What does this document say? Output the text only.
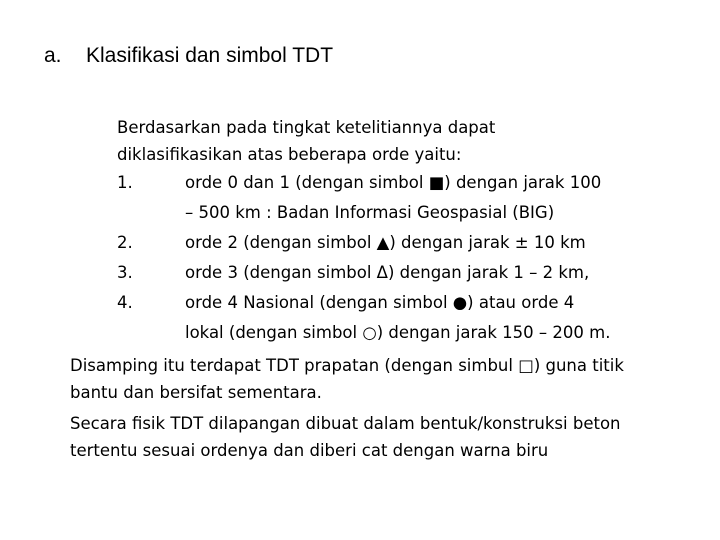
a. Klasifikasi dan simbol TDT
Berdasarkan pada tingkat ketelitiannya dapat
diklasifikasikan atas beberapa orde yaitu:
1.	orde 0 dan 1 (dengan simbol ■) dengan jarak 100
– 500 km : Badan Informasi Geospasial (BIG)
2.	orde 2 (dengan simbol ▲) dengan jarak ± 10 km
3.	orde 3 (dengan simbol Δ) dengan jarak 1 – 2 km,
4.	orde 4 Nasional (dengan simbol ●) atau orde 4
lokal (dengan simbol ○) dengan jarak 150 – 200 m.
Disamping itu terdapat TDT prapatan (dengan simbul □) guna titik
bantu dan bersifat sementara.
Secara fisik TDT dilapangan dibuat dalam bentuk/konstruksi beton
tertentu sesuai ordenya dan diberi cat dengan warna biru
